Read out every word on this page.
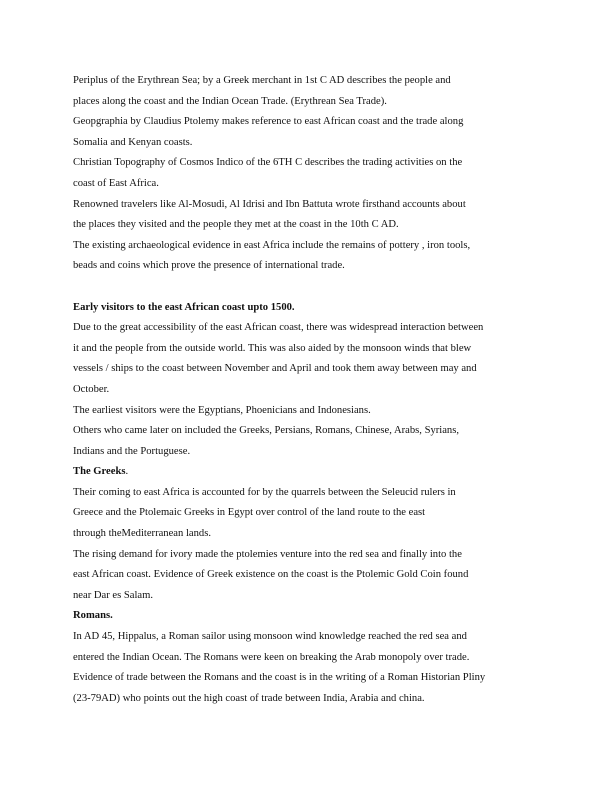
Periplus of the Erythrean Sea; by a Greek merchant in 1st C AD describes the people and

places along the coast and the Indian Ocean Trade. (Erythrean Sea Trade).

Geopgraphia by Claudius Ptolemy makes reference to east African coast and the trade along

Somalia and Kenyan coasts.

Christian Topography of Cosmos Indico of the 6TH C describes the trading activities on the

coast of East Africa.

Renowned travelers like Al-Mosudi, Al Idrisi and Ibn Battuta wrote firsthand accounts about

the places they visited and the people they met at the coast in the 10th C AD.

The existing archaeological evidence in east Africa include the remains of pottery , iron tools,

beads and coins which prove the presence of international trade.

Early visitors to the east African coast upto 1500.

Due to the great accessibility of the east African coast, there was widespread interaction between

it and the people from the outside world. This was also aided by the monsoon winds that blew

vessels / ships to the coast between November and April and took them away between may and

October.

The earliest visitors were the Egyptians, Phoenicians and Indonesians.

Others who came later on included the Greeks, Persians, Romans, Chinese, Arabs, Syrians,

Indians and the Portuguese.

The Greeks.

Their coming to east Africa is accounted for by the quarrels between the Seleucid rulers in

Greece and the Ptolemaic Greeks in Egypt over control of the land route to the east

through theMediterranean lands.

The rising demand for ivory made the ptolemies venture into the red sea and finally into the

east African coast. Evidence of Greek existence on the coast is the Ptolemic Gold Coin found

near Dar es Salam.

Romans.

In AD 45, Hippalus, a Roman sailor using monsoon wind knowledge reached the red sea and

entered the Indian Ocean. The Romans were keen on breaking the Arab monopoly over trade.

Evidence of trade between the Romans and the coast is in the writing of a Roman Historian Pliny

(23-79AD) who points out the high coast of trade between India, Arabia and china.
